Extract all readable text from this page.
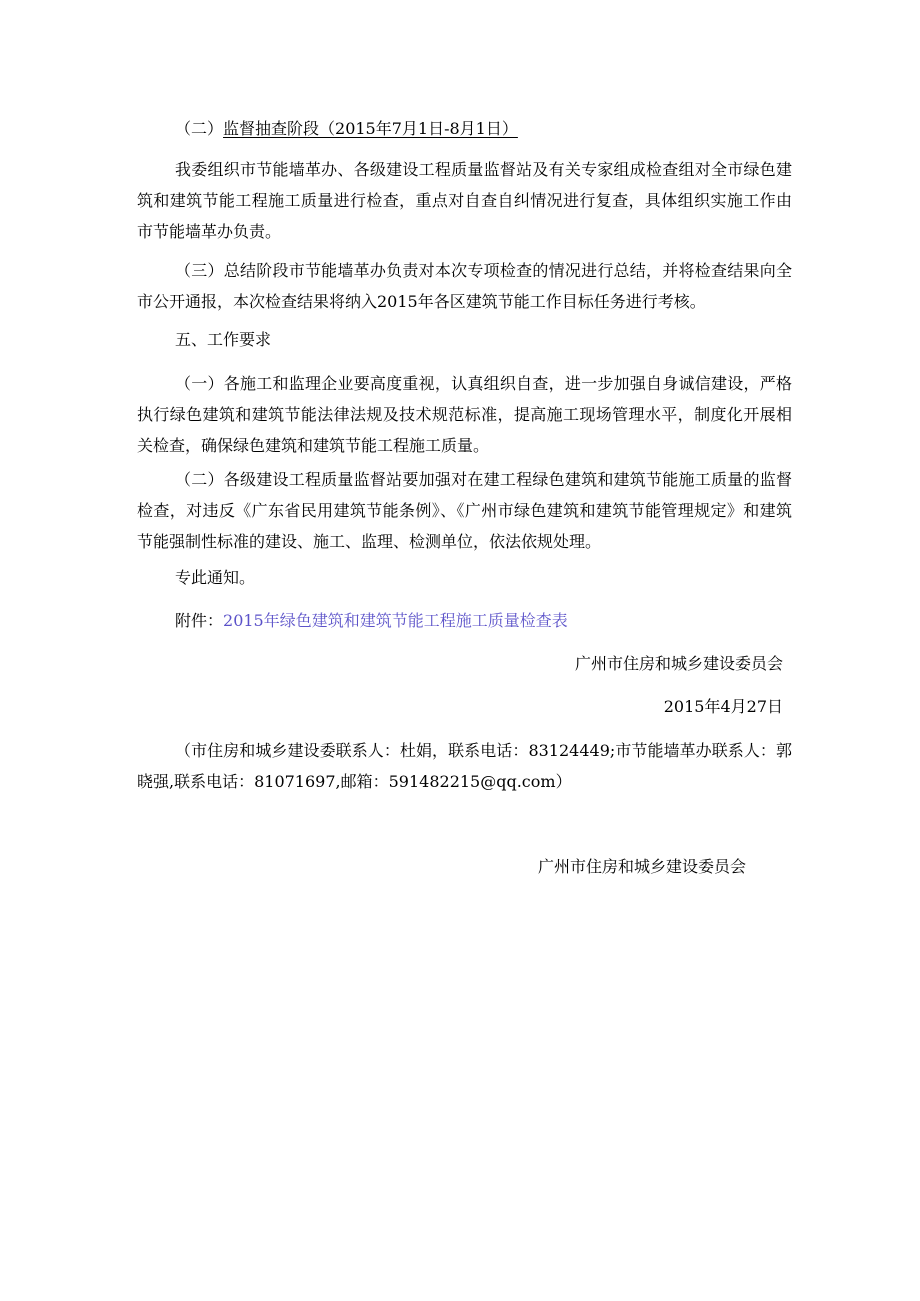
（二）监督抽查阶段（2015年7月1日-8月1日）

我委组织市节能墙革办、各级建设工程质量监督站及有关专家组成检查组对全市绿色建筑和建筑节能工程施工质量进行检查，重点对自查自纠情况进行复查，具体组织实施工作由市节能墙革办负责。

（三）总结阶段市节能墙革办负责对本次专项检查的情况进行总结，并将检查结果向全市公开通报，本次检查结果将纳入2015年各区建筑节能工作目标任务进行考核。

五、工作要求

（一）各施工和监理企业要高度重视，认真组织自查，进一步加强自身诚信建设，严格执行绿色建筑和建筑节能法律法规及技术规范标准，提高施工现场管理水平，制度化开展相关检查，确保绿色建筑和建筑节能工程施工质量。

（二）各级建设工程质量监督站要加强对在建工程绿色建筑和建筑节能施工质量的监督检查，对违反《广东省民用建筑节能条例》、《广州市绿色建筑和建筑节能管理规定》和建筑节能强制性标准的建设、施工、监理、检测单位，依法依规处理。

专此通知。

附件：2015年绿色建筑和建筑节能工程施工质量检查表

广州市住房和城乡建设委员会
2015年4月27日

（市住房和城乡建设委联系人：杜娟，联系电话：83124449;市节能墙革办联系人：郭晓强,联系电话：81071697,邮箱：591482215@qq.com）

广州市住房和城乡建设委员会
